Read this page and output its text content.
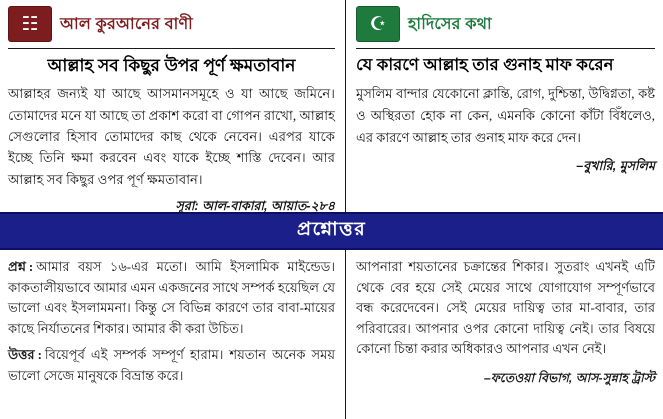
☷ আল কুরআনের বাণী
আল্লাহ সব কিছুর উপর পূর্ণ ক্ষমতাবান
আল্লাহর জন্যই যা আছে আসমানসমূহে ও যা আছে জমিনে। তোমাদের মনে যা আছে তা প্রকাশ করো বা গোপন রাখো, আল্লাহ সেগুলোর হিসাব তোমাদের কাছ থেকে নেবেন। এরপর যাকে ইচ্ছে তিনি ক্ষমা করবেন এবং যাকে ইচ্ছে শাস্তি দেবেন। আর আল্লাহ সব কিছুর ওপর পূর্ণ ক্ষমতাবান।
সূরা: আল-বাকারা, আয়াত-২৮৪
☪ হাদিসের কথা
যে কারণে আল্লাহ তার গুনাহ মাফ করেন
মুসলিম বান্দার যেকোনো ক্লান্তি, রোগ, দুশ্চিন্তা, উদ্বিগ্নতা, কষ্ট ও অস্থিরতা হোক না কেন, এমনকি কোনো কাঁটা বিঁধলেও, এর কারণে আল্লাহ তার গুনাহ মাফ করে দেন।
–বুখারি, মুসলিম
প্রশ্নোত্তর
প্রশ্ন : আমার বয়স ১৬-এর মতো। আমি ইসলামিক মাইন্ডেড। কাকতালীয়ভাবে আমার এমন একজনের সাথে সম্পর্ক হয়েছিল যে ভালো এবং ইসলামমনা। কিন্তু সে বিভিন্ন কারণে তার বাবা-মায়ের কাছে নির্যাতনের শিকার। আমার কী করা উচিত।
উত্তর : বিয়েপূর্ব এই সম্পর্ক সম্পূর্ণ হারাম। শয়তান অনেক সময় ভালো সেজে মানুষকে বিভ্রান্ত করে।
আপনারা শয়তানের চক্রান্তের শিকার। সুতরাং এখনই এটি থেকে বের হয়ে সেই মেয়ের সাথে যোগাযোগ সম্পূর্ণভাবে বন্ধ করেদেবেন। সেই মেয়ের দায়িত্ব তার মা-বাবার, তার পরিবারের। আপনার ওপর কোনো দায়িত্ব নেই। তার বিষয়ে কোনো চিন্তা করার অধিকারও আপনার এখন নেই।
–ফতেওয়া বিভাগ, আস-সুন্নাহ ট্রাস্ট
